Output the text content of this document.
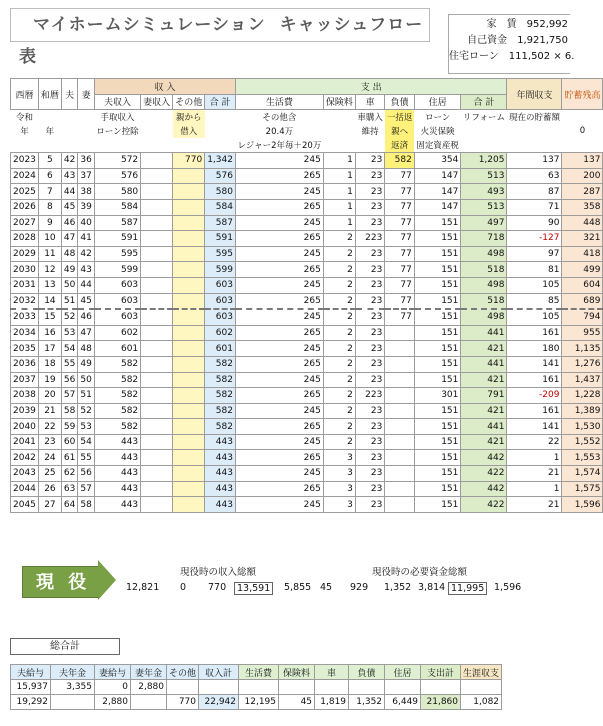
マイホームシミュレーション キャッシュフロー表
家　賃　952,992
自己資金　1,921,750
住宅ローン　111,502 × 6.
西暦	和暦	夫	妻	収 入				支 出						年間収支	貯蓄残高
				夫収入	妻収入	その他	合 計	生活費	保険料	車	負債	住居	合 計		
令和				手取収入		親から		その他含		車購入	一括返	ローン	リフォーム	現在の貯蓄額	
年	年			ローン控除		借入		20.4万		維持	親へ	火災保険			0
								レジャー2年毎＋20万			返済	固定資産税			
2023	5	42	36	572		770	1,342	245	1	23	582	354	1,205	137	137
2024	6	43	37	576			576	265	1	23	77	147	513	63	200
2025	7	44	38	580			580	245	1	23	77	147	493	87	287
2026	8	45	39	584			584	265	1	23	77	147	513	71	358
2027	9	46	40	587			587	245	1	23	77	151	497	90	448
2028	10	47	41	591			591	265	2	223	77	151	718	-127	321
2029	11	48	42	595			595	245	2	23	77	151	498	97	418
2030	12	49	43	599			599	265	2	23	77	151	518	81	499
2031	13	50	44	603			603	245	2	23	77	151	498	105	604
2032	14	51	45	603			603	265	2	23	77	151	518	85	689
2033	15	52	46	603			603	245	2	23	77	151	498	105	794
2034	16	53	47	602			602	265	2	23		151	441	161	955
2035	17	54	48	601			601	245	2	23		151	421	180	1,135
2036	18	55	49	582			582	265	2	23		151	441	141	1,276
2037	19	56	50	582			582	245	2	23		151	421	161	1,437
2038	20	57	51	582			582	265	2	223		301	791	-209	1,228
2039	21	58	52	582			582	245	2	23		151	421	161	1,389
2040	22	59	53	582			582	265	2	23		151	441	141	1,530
2041	23	60	54	443			443	245	2	23		151	421	22	1,552
2042	24	61	55	443			443	265	3	23		151	442	1	1,553
2043	25	62	56	443			443	245	3	23		151	422	21	1,574
2044	26	63	57	443			443	265	3	23		151	442	1	1,575
2045	27	64	58	443			443	245	3	23		151	422	21	1,596
現 役	現役時の収入総額	現役時の必要資金総額
12,821 0 770	13,591	5,855 45 929 1,352 3,814 11,995	1,596
総合計
夫給与	夫年金	妻給与	妻年金	その他	収入計	生活費	保険料	車	負債	住居	支出計	生涯収支
15,937	3,355	0	2,880									
19,292		2,880		770	22,942	12,195	45	1,819	1,352	6,449	21,860	1,082
